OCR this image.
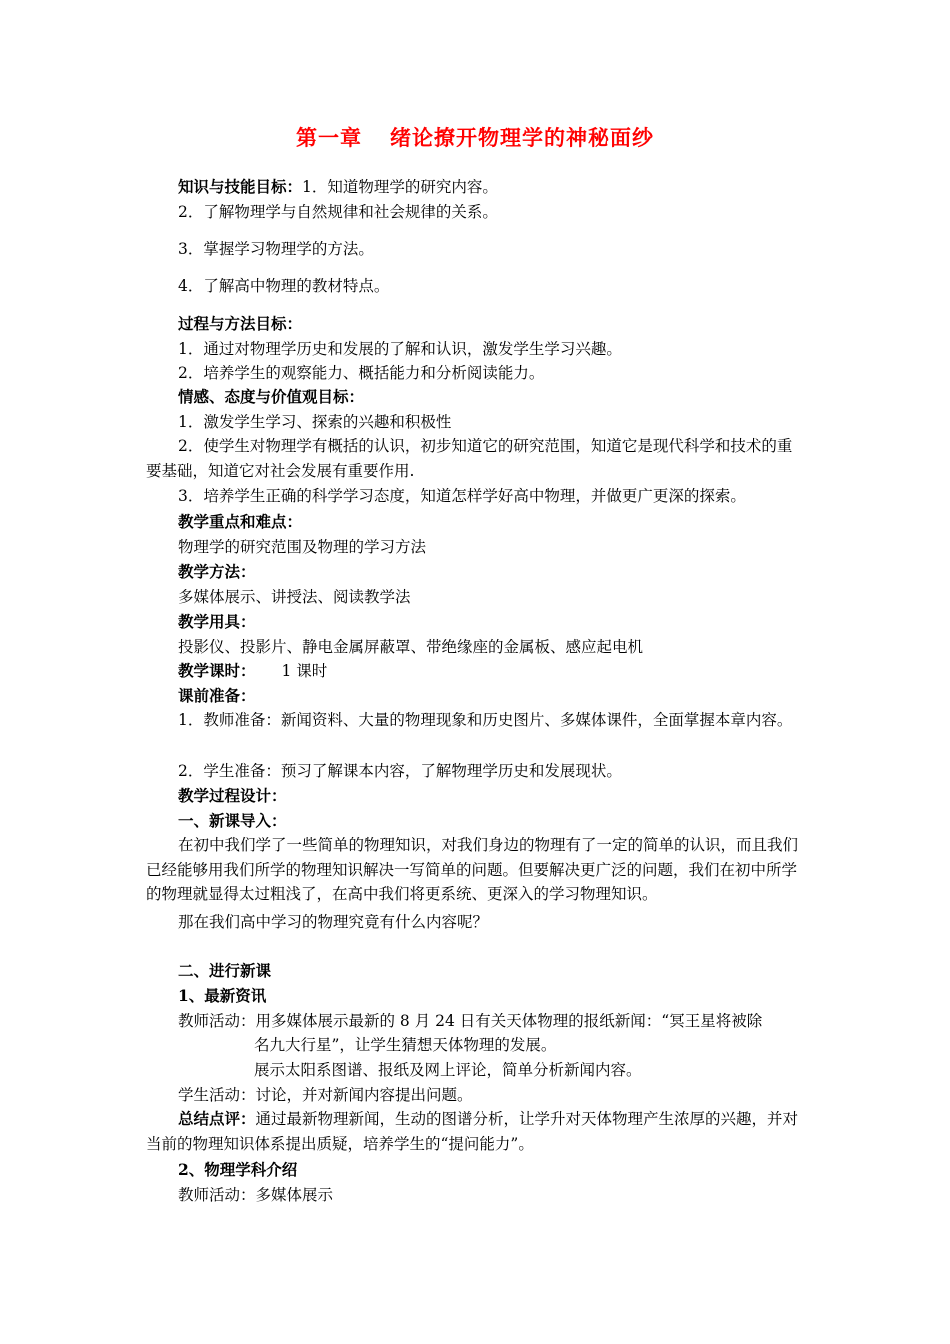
第一章 绪论撩开物理学的神秘面纱
知识与技能目标：1．知道物理学的研究内容。
2．了解物理学与自然规律和社会规律的关系。
3．掌握学习物理学的方法。
4．了解高中物理的教材特点。
过程与方法目标：
1．通过对物理学历史和发展的了解和认识，激发学生学习兴趣。
2．培养学生的观察能力、概括能力和分析阅读能力。
情感、态度与价值观目标：
1．激发学生学习、探索的兴趣和积极性
2．使学生对物理学有概括的认识，初步知道它的研究范围，知道它是现代科学和技术的重要基础，知道它对社会发展有重要作用.
3．培养学生正确的科学学习态度，知道怎样学好高中物理，并做更广更深的探索。
教学重点和难点：
物理学的研究范围及物理的学习方法
教学方法：
多媒体展示、讲授法、阅读教学法
教学用具：
投影仪、投影片、静电金属屏蔽罩、带绝缘座的金属板、感应起电机
教学课时： 1 课时
课前准备：
1．教师准备：新闻资料、大量的物理现象和历史图片、多媒体课件，全面掌握本章内容。
2．学生准备：预习了解课本内容，了解物理学历史和发展现状。
教学过程设计：
一、新课导入：
在初中我们学了一些简单的物理知识，对我们身边的物理有了一定的简单的认识，而且我们已经能够用我们所学的物理知识解决一写简单的问题。但要解决更广泛的问题，我们在初中所学的物理就显得太过粗浅了，在高中我们将更系统、更深入的学习物理知识。
那在我们高中学习的物理究竟有什么内容呢？
二、进行新课
1、最新资讯
教师活动：用多媒体展示最新的 8 月 24 日有关天体物理的报纸新闻：“冥王星将被除
名九大行星”，让学生猜想天体物理的发展。
展示太阳系图谱、报纸及网上评论，简单分析新闻内容。
学生活动：讨论，并对新闻内容提出问题。
总结点评：通过最新物理新闻，生动的图谱分析，让学升对天体物理产生浓厚的兴趣，并对当前的物理知识体系提出质疑，培养学生的“提问能力”。
2、物理学科介绍
教师活动：多媒体展示
